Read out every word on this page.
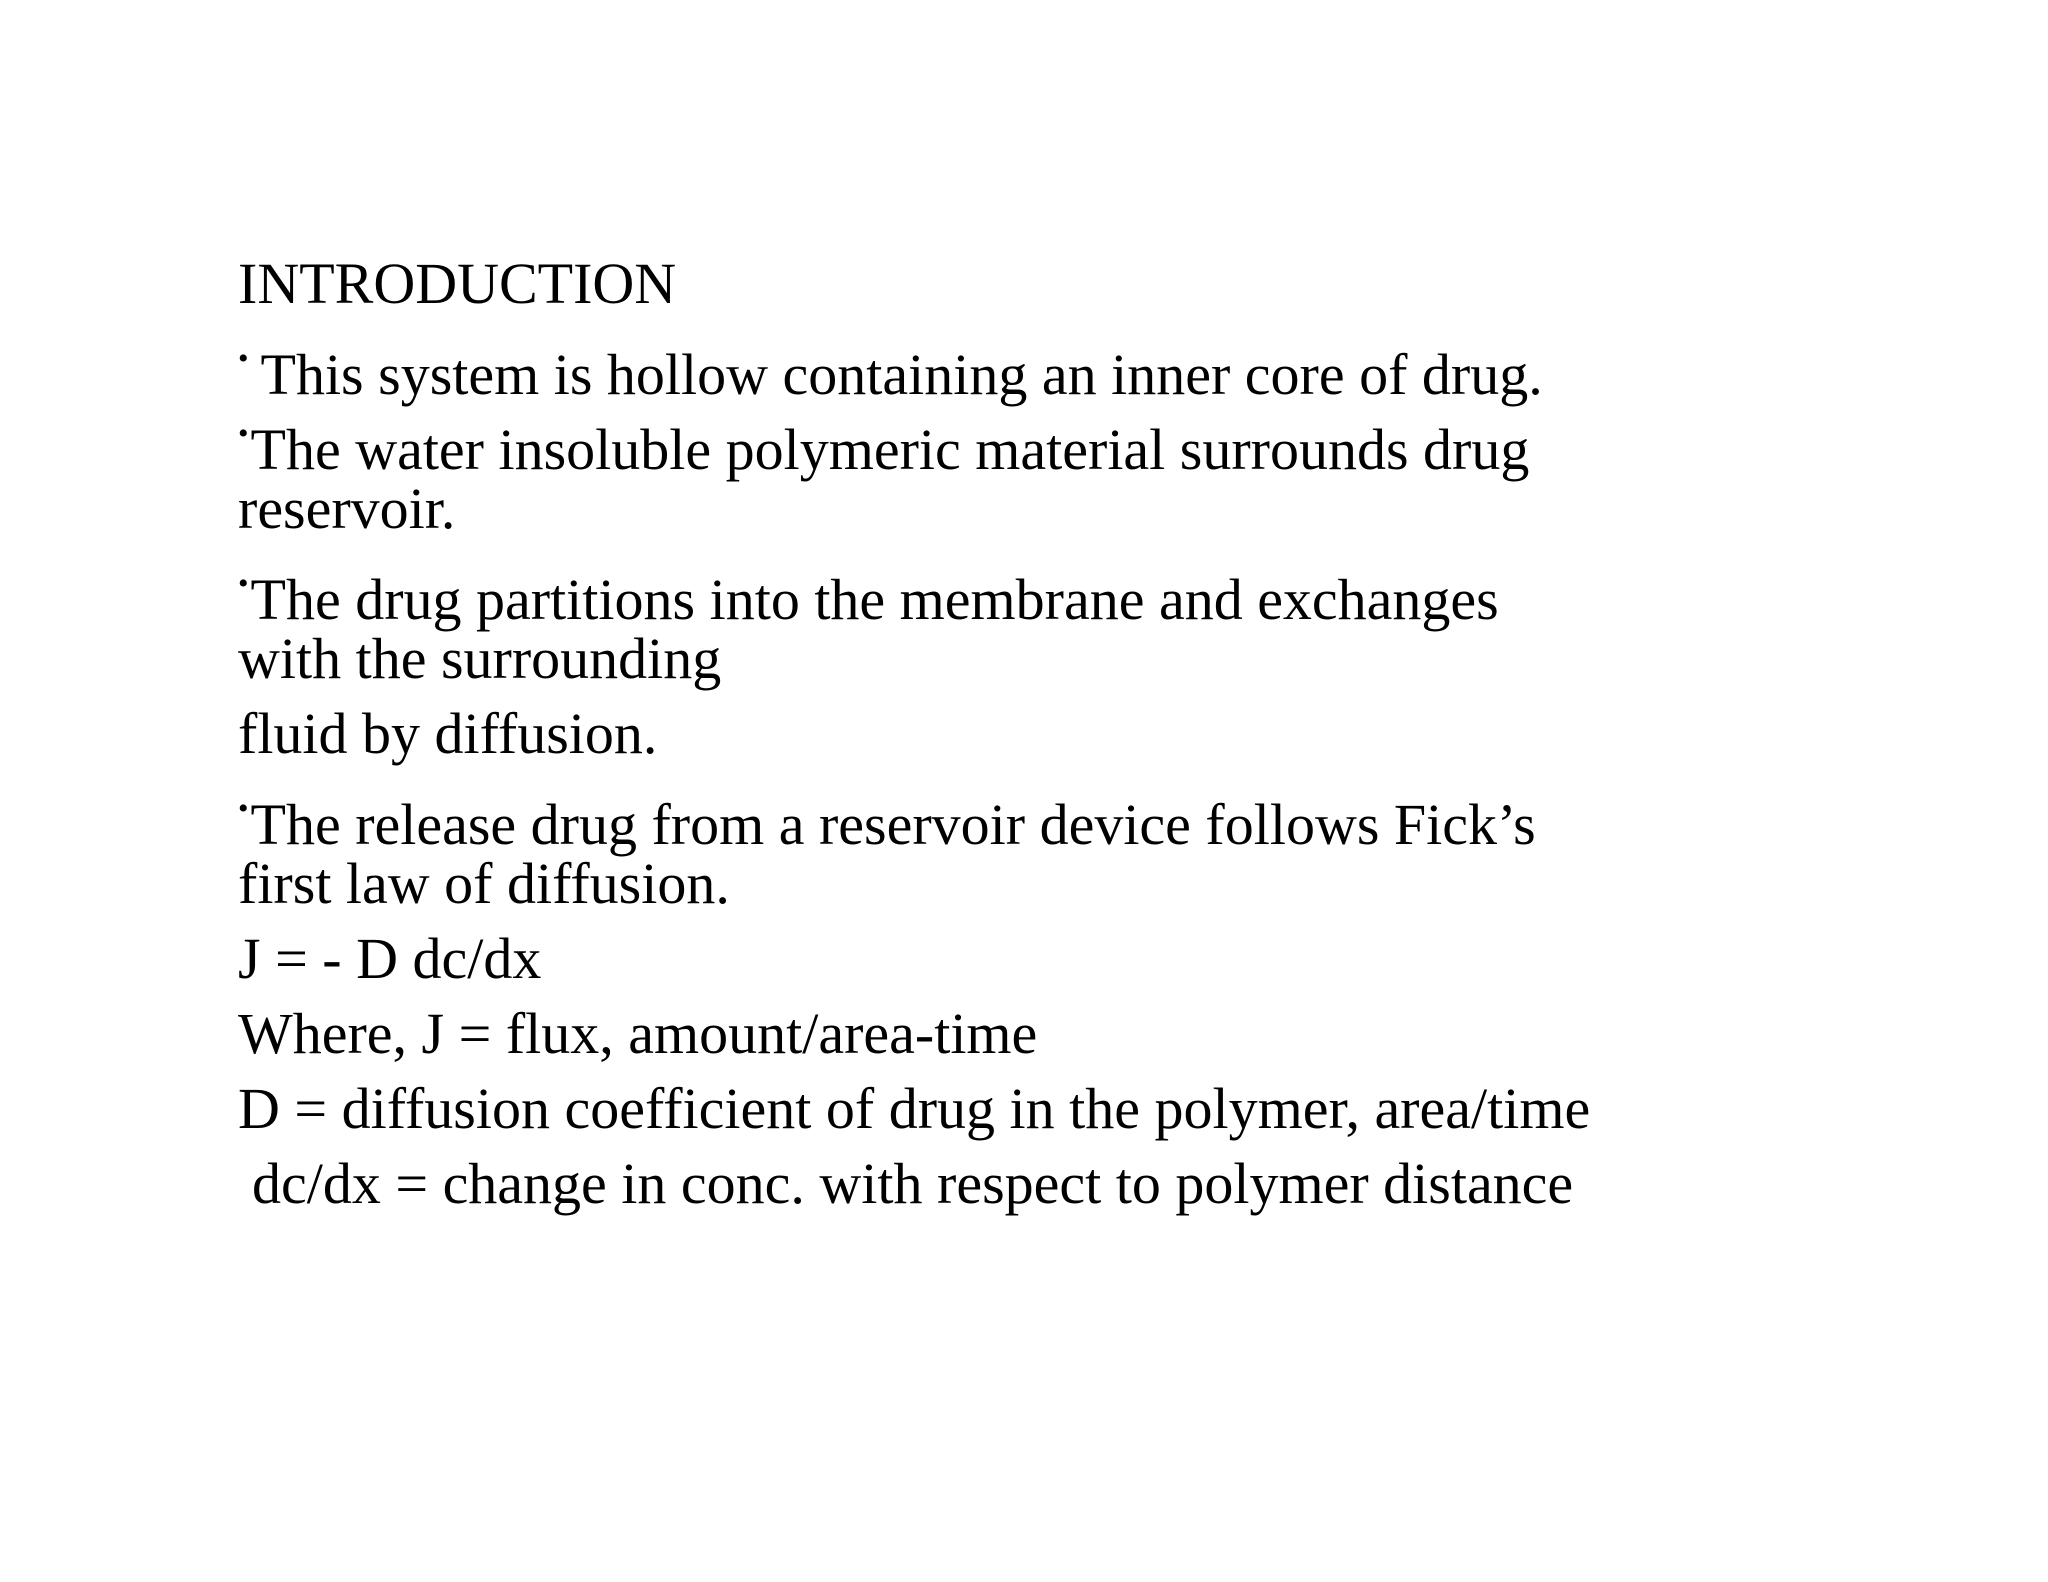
INTRODUCTION
• This system is hollow containing an inner core of drug.
•The water insoluble polymeric material surrounds drug
reservoir.
•The drug partitions into the membrane and exchanges
with the surrounding
fluid by diffusion.
•The release drug from a reservoir device follows Fick’s
first law of diffusion.
J = - D dc/dx
Where, J = flux, amount/area-time
D = diffusion coefficient of drug in the polymer, area/time
dc/dx = change in conc. with respect to polymer distance
